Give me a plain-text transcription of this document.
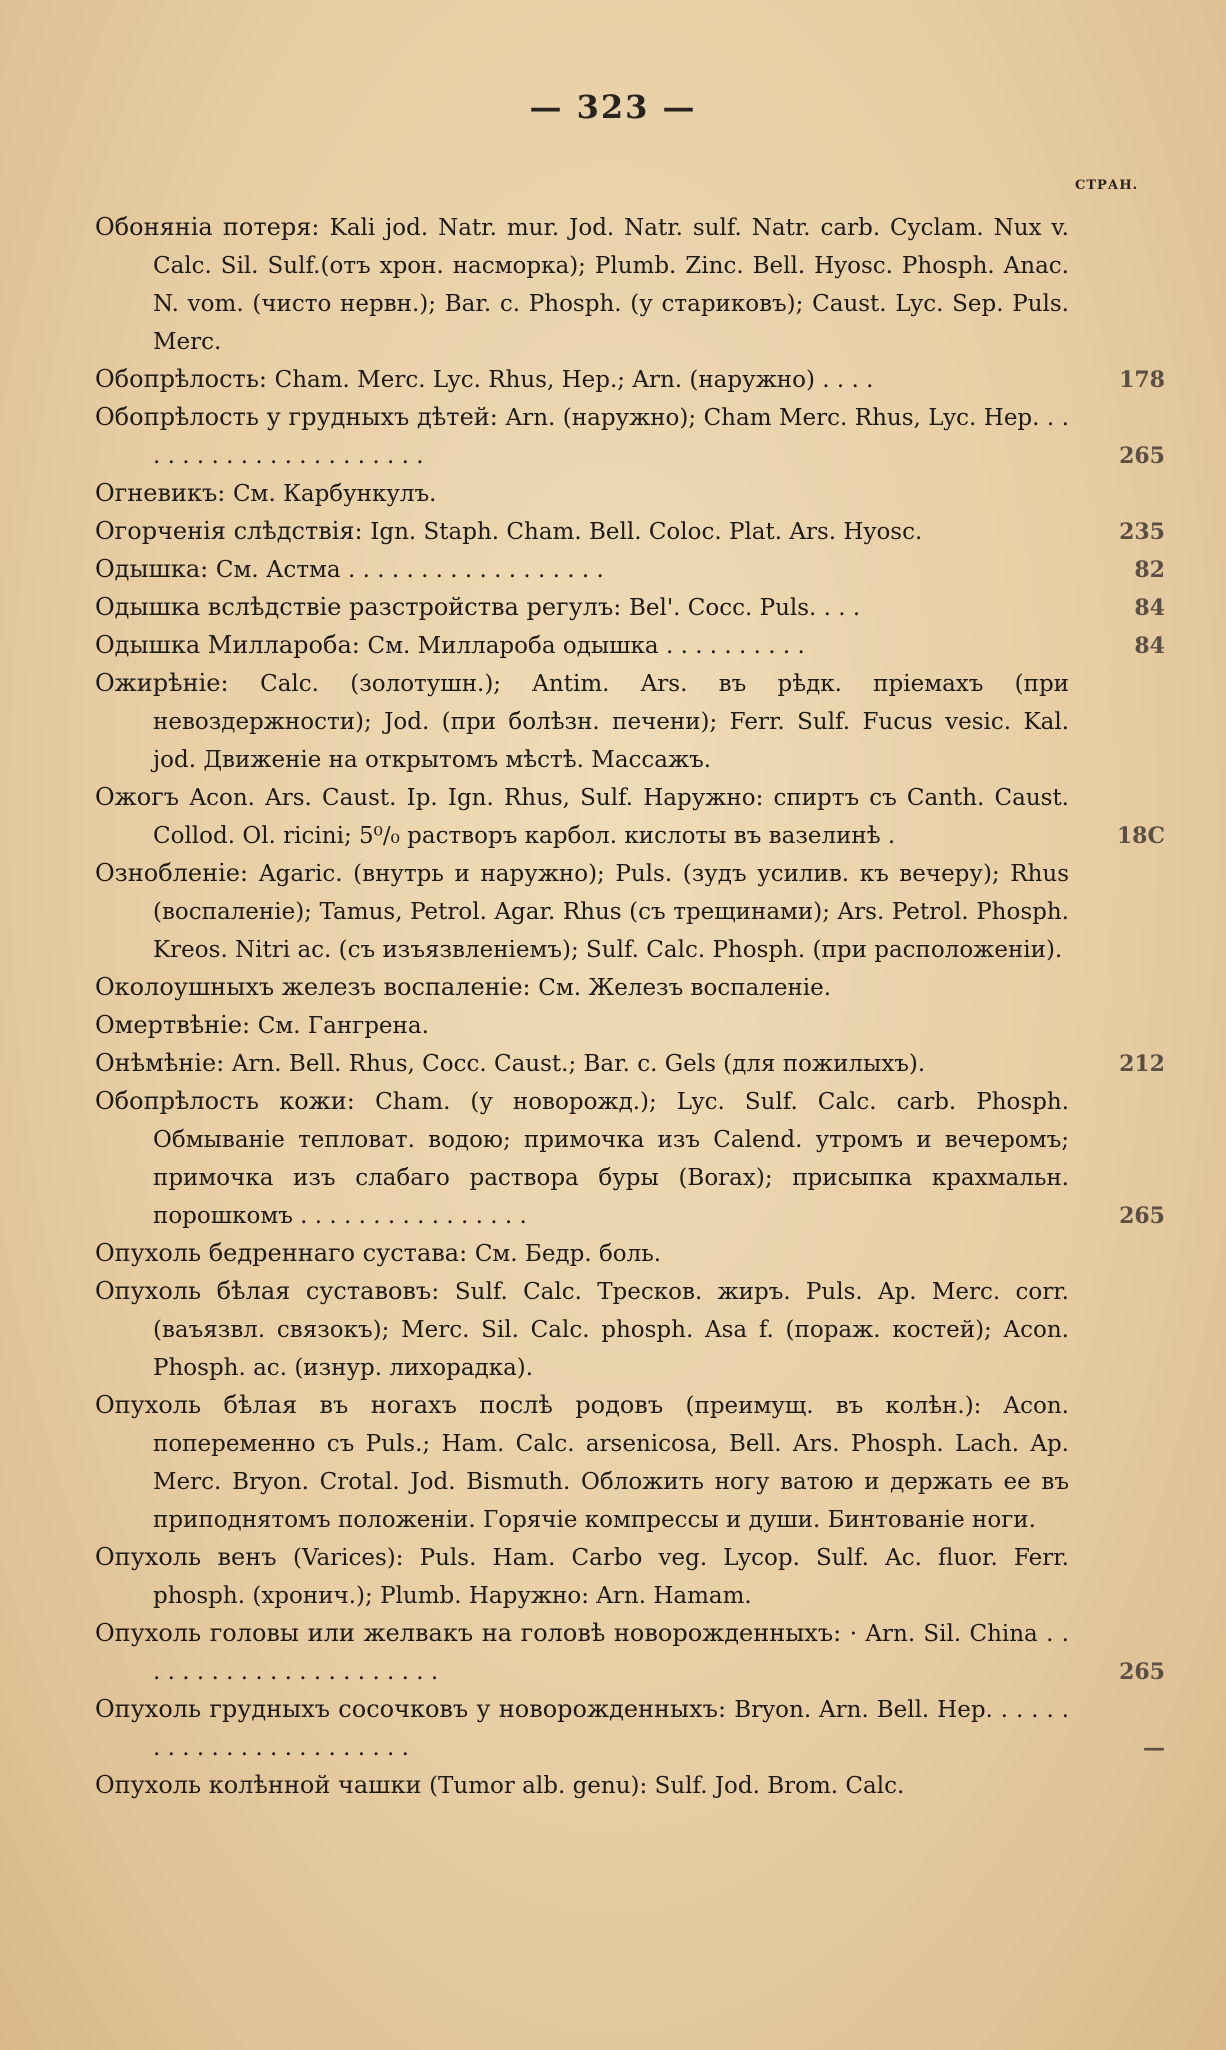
— 323 —
СТРАН.
Обоняніа потеря: Kali jod. Natr. mur. Jod. Natr. sulf. Natr. carb. Cyclam. Nux v. Calc. Sil. Sulf.(отъ хрон. насморка); Plumb. Zinc. Bell. Hyosc. Phosph. Anac. N. vom. (чисто нервн.); Bar. c. Phosph. (у стариковъ); Caust. Lyc. Sep. Puls. Merc.
Обопрѣлость: Cham. Merc. Lyc. Rhus, Hep.; Arn. (наружно) . . . .	178
Обопрѣлость у грудныхъ дѣтей: Arn. (наружно); Cham Merc. Rhus, Lyc. Hep. . . . . . . . . . . . . . . . . . . . . .	265
Огневикъ: См. Карбункулъ.
Огорченія слѣдствія: Ign. Staph. Cham. Bell. Coloc. Plat. Ars. Hyosc.	235
Одышка: См. Астма . . . . . . . . . . . . . . . . . .	82
Одышка вслѣдствіе разстройства регулъ: Bel'. Cocc. Puls. . . .	84
Одышка Миллароба: См. Миллароба одышка . . . . . . . . . .	84
Ожирѣніе: Calc. (золотушн.); Antim. Ars. въ рѣдк. пріемахъ (при невоздержности); Jod. (при болѣзн. печени); Ferr. Sulf. Fucus vesic. Kal. jod. Движеніе на открытомъ мѣстѣ. Массажъ.
Ожогъ Acon. Ars. Caust. Ip. Ign. Rhus, Sulf. Наружно: спиртъ съ Canth. Caust. Collod. Ol. ricini; 5⁰/₀ растворъ карбол. кислоты въ вазелинѣ .	18С
Ознобленіе: Agaric. (внутрь и наружно); Puls. (зудъ усилив. къ вечеру); Rhus (воспаленіе); Tamus, Petrol. Agar. Rhus (съ трещинами); Ars. Petrol. Phosph. Kreos. Nitri ac. (съ изъязвленіемъ); Sulf. Calc. Phosph. (при расположеніи).
Околоушныхъ железъ воспаленіе: См. Железъ воспаленіе.
Омертвѣніе: См. Гангрена.
Онѣмѣніе: Arn. Bell. Rhus, Cocc. Caust.; Bar. c. Gels (для пожилыхъ).	212
Обопрѣлость кожи: Cham. (у новорожд.); Lyc. Sulf. Calc. carb. Phosph. Обмываніе тепловат. водою; примочка изъ Calend. утромъ и вечеромъ; примочка изъ слабаго раствора буры (Borax); присыпка крахмальн. порошкомъ . . . . . . . . . . . . . . . .	265
Опухоль бедреннаго сустава: См. Бедр. боль.
Опухоль бѣлая суставовъ: Sulf. Calc. Тресков. жиръ. Puls. Ap. Merc. corr. (ваъязвл. связокъ); Merc. Sil. Calc. phosph. Asa f. (пораж. костей); Acon. Phosph. ac. (изнур. лихорадка).
Опухоль бѣлая въ ногахъ послѣ родовъ (преимущ. въ колѣн.): Acon. попеременно съ Puls.; Ham. Calc. arsenicosa, Bell. Ars. Phosph. Lach. Ap. Merc. Bryon. Crotal. Jod. Bismuth. Обложить ногу ватою и держать ее въ приподнятомъ положеніи. Горячіе компрессы и души. Бинтованіе ноги.
Опухоль венъ (Varices): Puls. Ham. Carbo veg. Lycop. Sulf. Ac. fluor. Ferr. phosph. (хронич.); Plumb. Наружно: Arn. Hamam.
Опухоль головы или желвакъ на головѣ новорожденныхъ: · Arn. Sil. China . . . . . . . . . . . . . . . . . . . . . .	265
Опухоль грудныхъ сосочковъ у новорожденныхъ: Bryon. Arn. Bell. Hep. . . . . . . . . . . . . . . . . . . . . . . .	—
Опухоль колѣнной чашки (Tumor alb. genu): Sulf. Jod. Brom. Calc.
